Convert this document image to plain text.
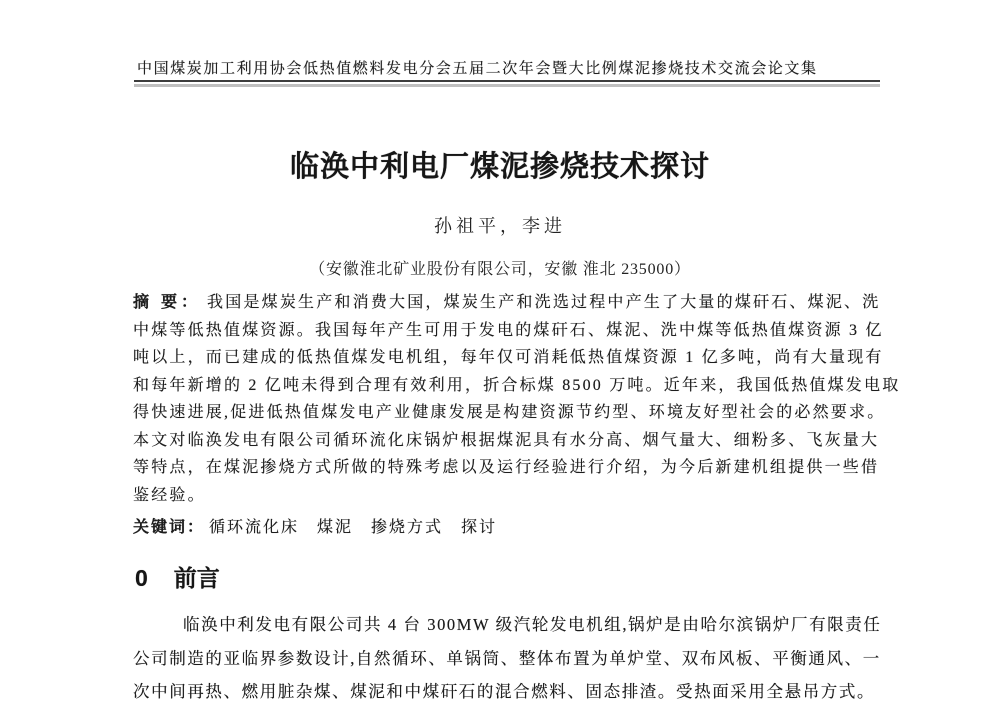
中国煤炭加工利用协会低热值燃料发电分会五届二次年会暨大比例煤泥掺烧技术交流会论文集
临涣中利电厂煤泥掺烧技术探讨
孙祖平，李进
（安徽淮北矿业股份有限公司，安徽 淮北 235000）
摘 要： 我国是煤炭生产和消费大国，煤炭生产和洗选过程中产生了大量的煤矸石、煤泥、洗
中煤等低热值煤资源。我国每年产生可用于发电的煤矸石、煤泥、洗中煤等低热值煤资源 3 亿
吨以上，而已建成的低热值煤发电机组，每年仅可消耗低热值煤资源 1 亿多吨，尚有大量现有
和每年新增的 2 亿吨未得到合理有效利用，折合标煤 8500 万吨。近年来，我国低热值煤发电取
得快速进展,促进低热值煤发电产业健康发展是构建资源节约型、环境友好型社会的必然要求。
本文对临涣发电有限公司循环流化床锅炉根据煤泥具有水分高、烟气量大、细粉多、飞灰量大
等特点，在煤泥掺烧方式所做的特殊考虑以及运行经验进行介绍，为今后新建机组提供一些借
鉴经验。
关键词： 循环流化床　煤泥　掺烧方式　探讨
0 前言
临涣中利发电有限公司共 4 台 300MW 级汽轮发电机组,锅炉是由哈尔滨锅炉厂有限责任
公司制造的亚临界参数设计,自然循环、单锅筒、整体布置为单炉堂、双布风板、平衡通风、一
次中间再热、燃用脏杂煤、煤泥和中煤矸石的混合燃料、固态排渣。受热面采用全悬吊方式。
